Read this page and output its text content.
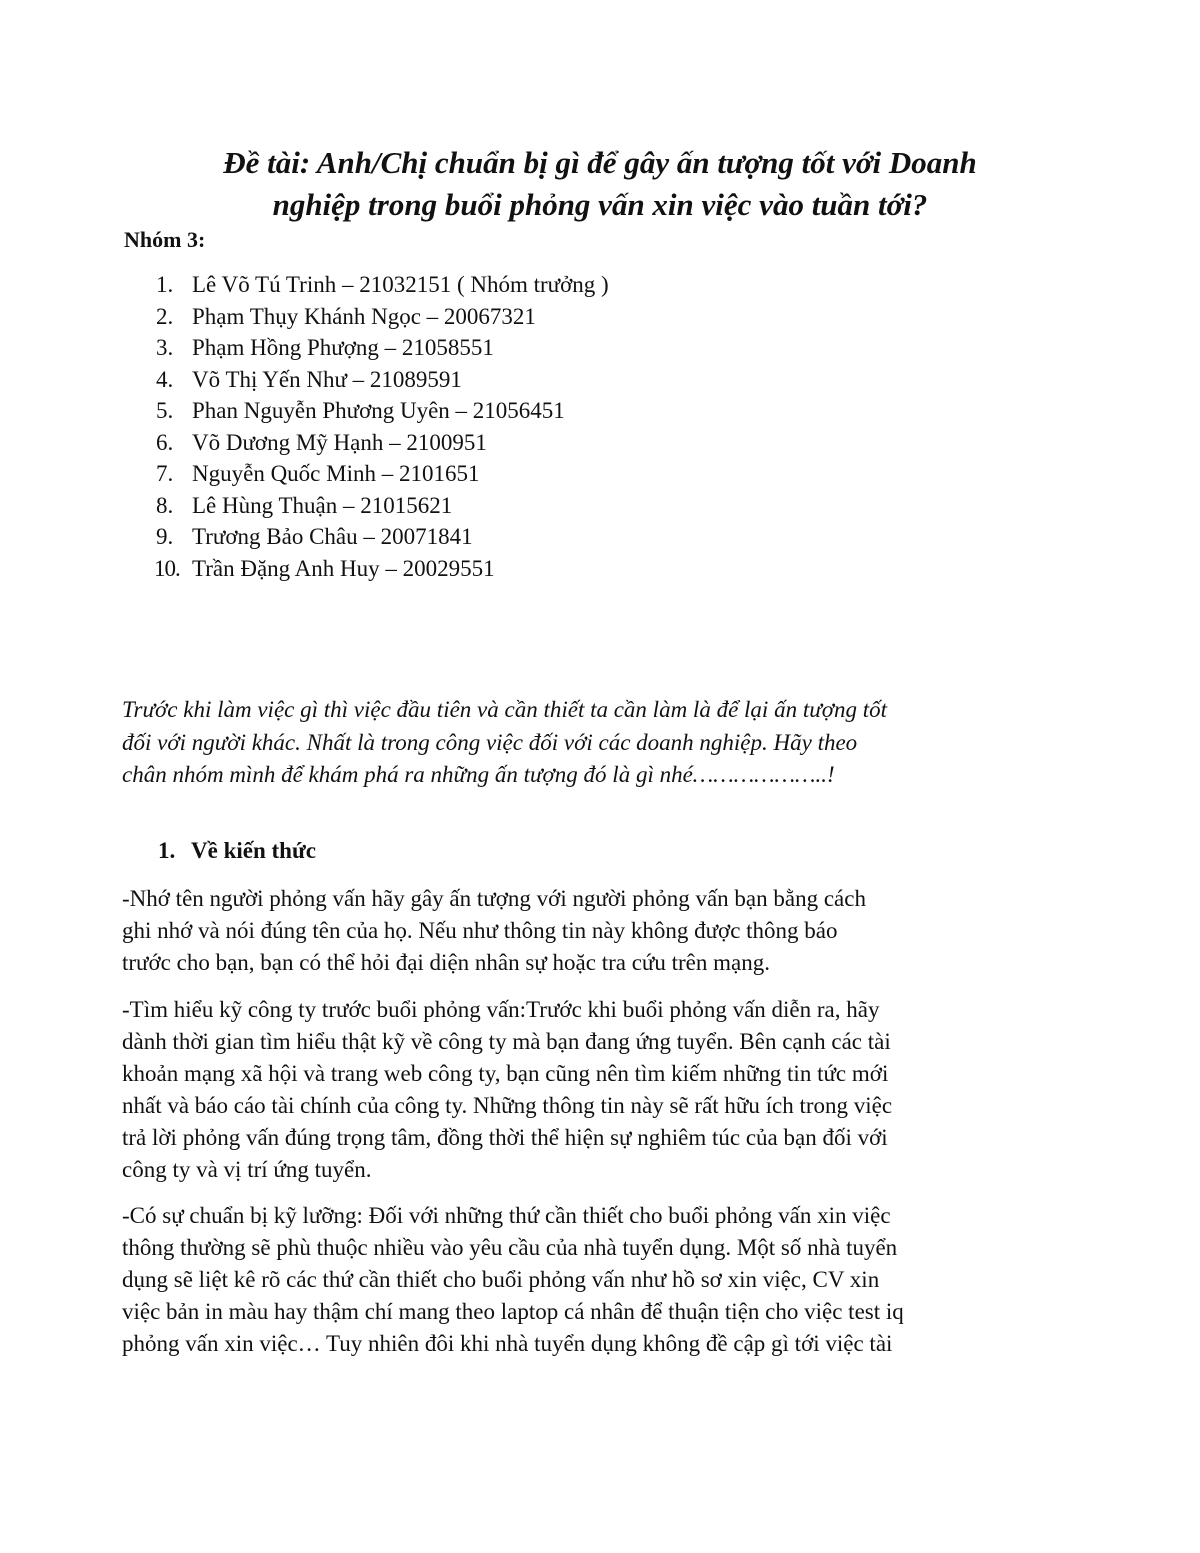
Đề tài: Anh/Chị chuẩn bị gì để gây ấn tượng tốt với Doanh
nghiệp trong buổi phỏng vấn xin việc vào tuần tới?

Nhóm 3:

1. Lê Võ Tú Trinh – 21032151 ( Nhóm trưởng )
2. Phạm Thụy Khánh Ngọc – 20067321
3. Phạm Hồng Phượng – 21058551
4. Võ Thị Yến Như – 21089591
5. Phan Nguyễn Phương Uyên – 21056451
6. Võ Dương Mỹ Hạnh – 2100951
7. Nguyễn Quốc Minh – 2101651
8. Lê Hùng Thuận – 21015621
9. Trương Bảo Châu – 20071841
10. Trần Đặng Anh Huy – 20029551

Trước khi làm việc gì thì việc đầu tiên và cần thiết ta cần làm là để lại ấn tượng tốt
đối với người khác. Nhất là trong công việc đối với các doanh nghiệp. Hãy theo
chân nhóm mình để khám phá ra những ấn tượng đó là gì nhé………………..!

1. Về kiến thức

-Nhớ tên người phỏng vấn hãy gây ấn tượng với người phỏng vấn bạn bằng cách
ghi nhớ và nói đúng tên của họ. Nếu như thông tin này không được thông báo
trước cho bạn, bạn có thể hỏi đại diện nhân sự hoặc tra cứu trên mạng.

-Tìm hiểu kỹ công ty trước buổi phỏng vấn:Trước khi buổi phỏng vấn diễn ra, hãy
dành thời gian tìm hiểu thật kỹ về công ty mà bạn đang ứng tuyển. Bên cạnh các tài
khoản mạng xã hội và trang web công ty, bạn cũng nên tìm kiếm những tin tức mới
nhất và báo cáo tài chính của công ty. Những thông tin này sẽ rất hữu ích trong việc
trả lời phỏng vấn đúng trọng tâm, đồng thời thể hiện sự nghiêm túc của bạn đối với
công ty và vị trí ứng tuyển.

-Có sự chuẩn bị kỹ lưỡng: Đối với những thứ cần thiết cho buổi phỏng vấn xin việc
thông thường sẽ phù thuộc nhiều vào yêu cầu của nhà tuyển dụng. Một số nhà tuyển
dụng sẽ liệt kê rõ các thứ cần thiết cho buổi phỏng vấn như hồ sơ xin việc, CV xin
việc bản in màu hay thậm chí mang theo laptop cá nhân để thuận tiện cho việc test iq
phỏng vấn xin việc… Tuy nhiên đôi khi nhà tuyển dụng không đề cập gì tới việc tài
